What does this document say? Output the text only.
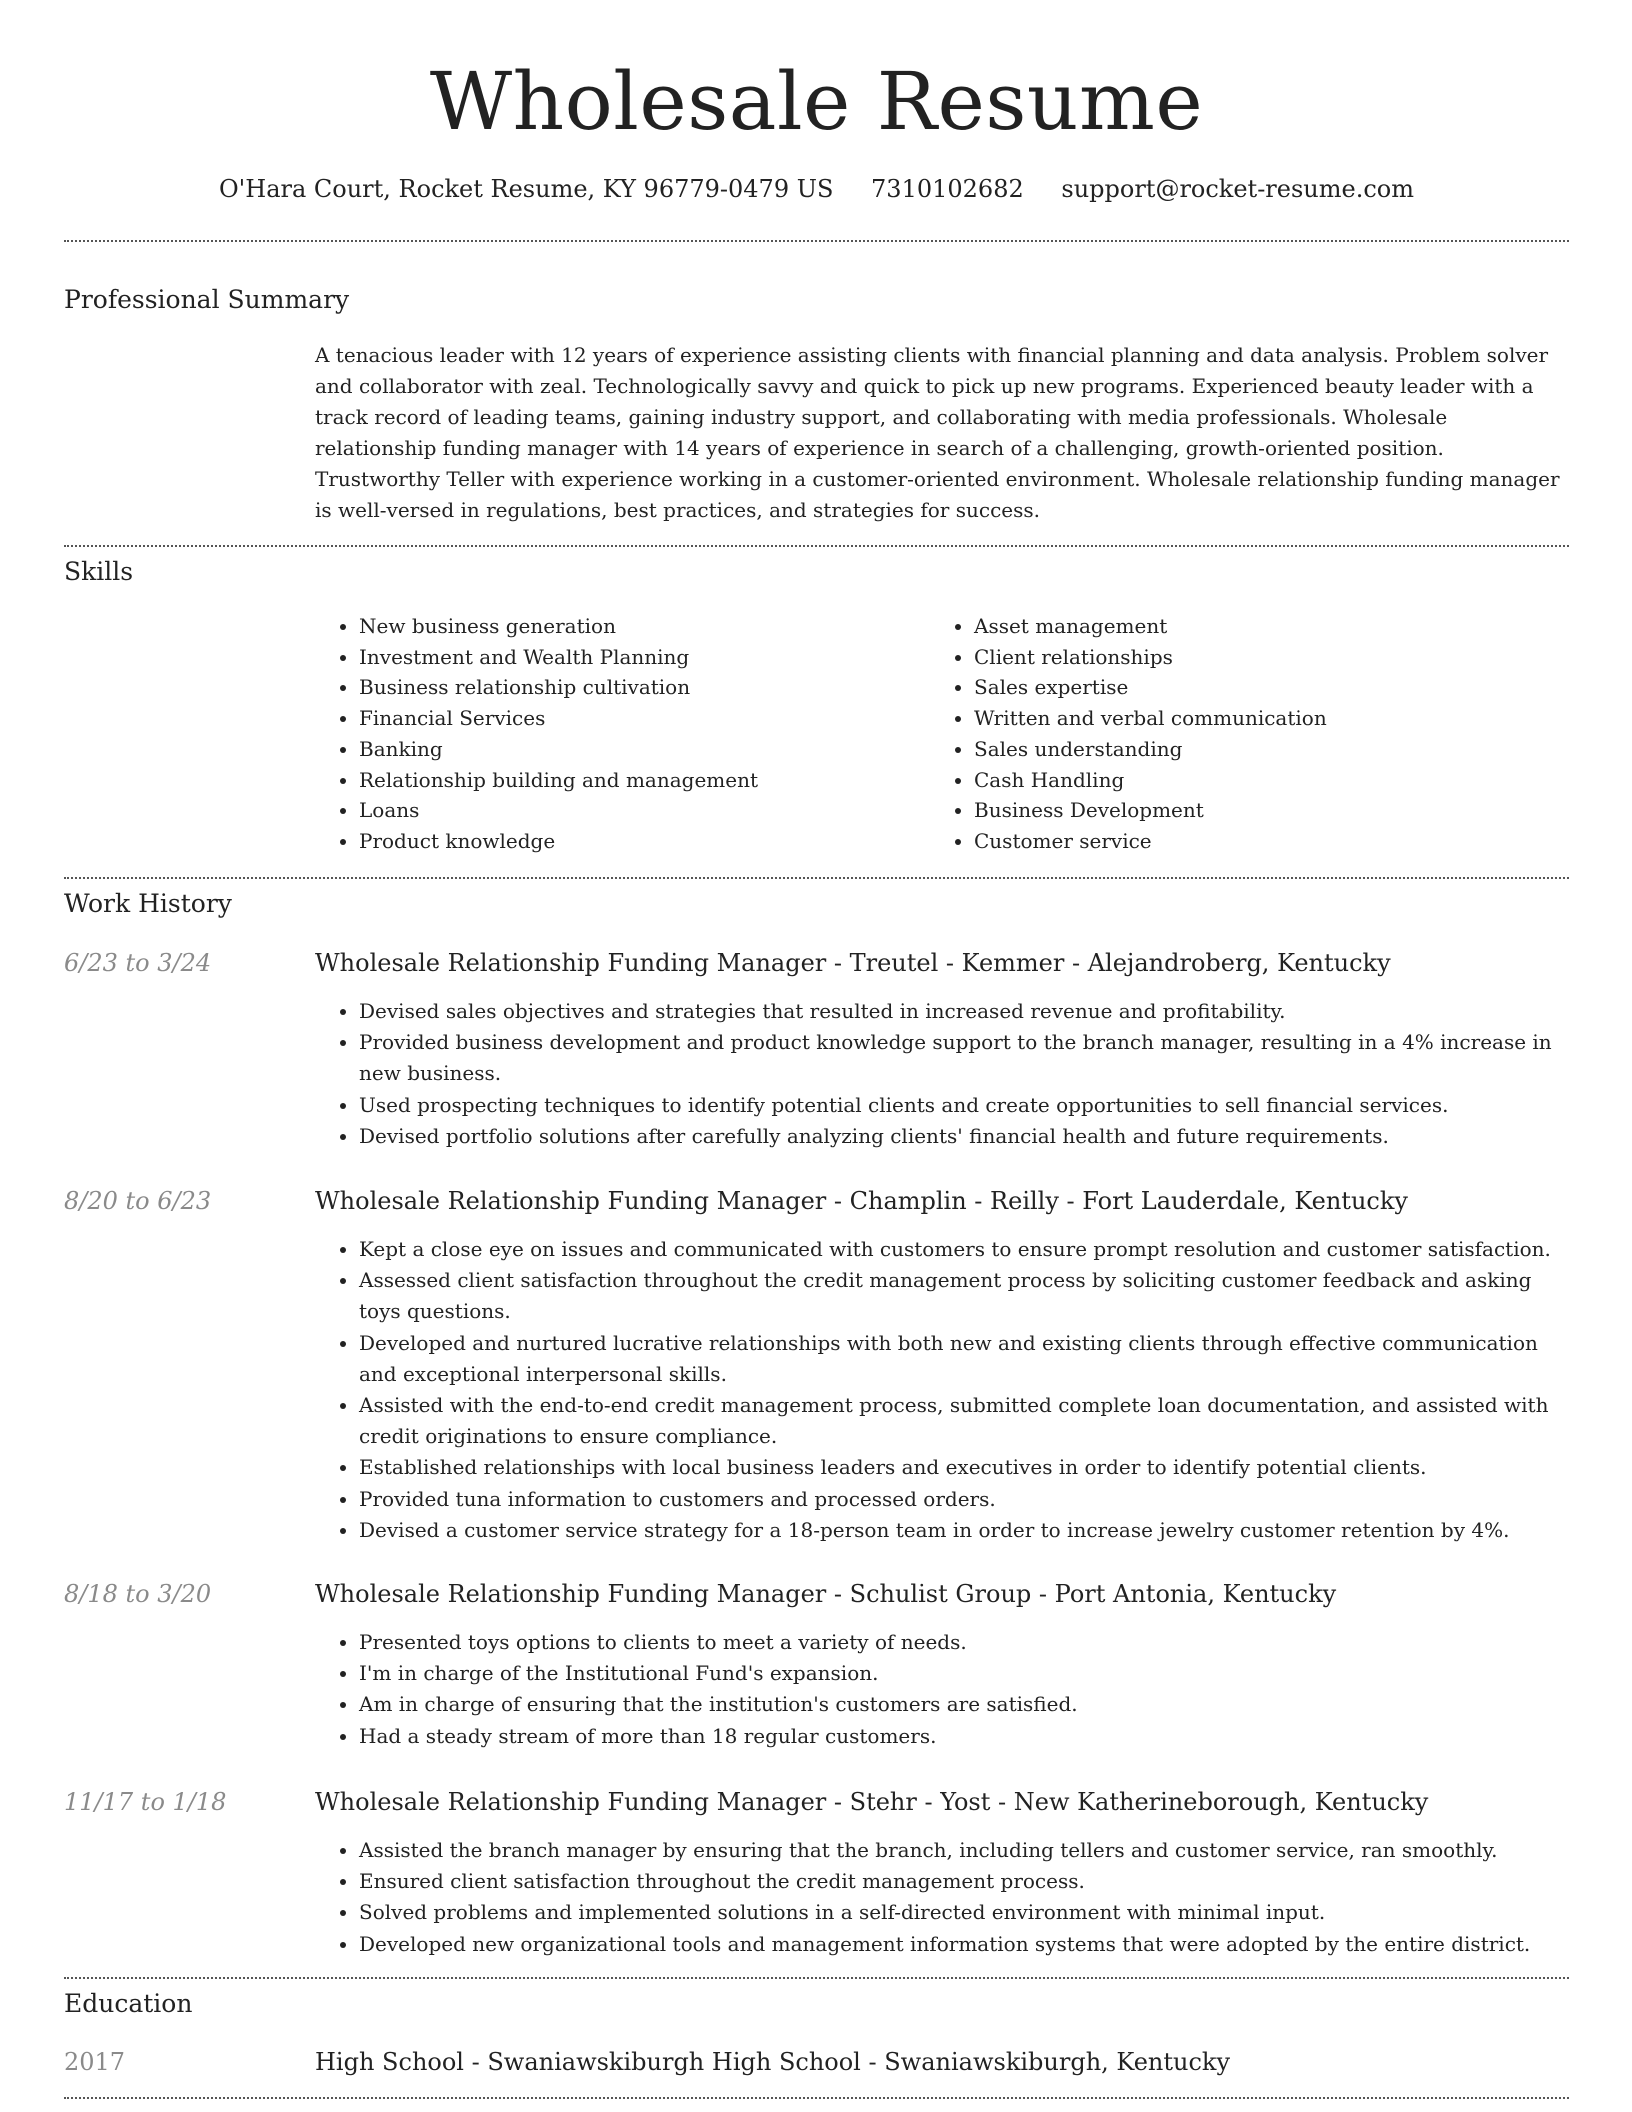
Wholesale Resume
O'Hara Court, Rocket Resume, KY 96779-0479 US 7310102682 support@rocket-resume.com
Professional Summary

A tenacious leader with 12 years of experience assisting clients with financial planning and data analysis. Problem solver and collaborator with zeal. Technologically savvy and quick to pick up new programs. Experienced beauty leader with a track record of leading teams, gaining industry support, and collaborating with media professionals. Wholesale relationship funding manager with 14 years of experience in search of a challenging, growth-oriented position. Trustworthy Teller with experience working in a customer-oriented environment. Wholesale relationship funding manager is well-versed in regulations, best practices, and strategies for success.

Skills
• New business generation
• Investment and Wealth Planning
• Business relationship cultivation
• Financial Services
• Banking
• Relationship building and management
• Loans
• Product knowledge
• Asset management
• Client relationships
• Sales expertise
• Written and verbal communication
• Sales understanding
• Cash Handling
• Business Development
• Customer service
Work History
6/23 to 3/24	Wholesale Relationship Funding Manager - Treutel - Kemmer - Alejandroberg, Kentucky
• Devised sales objectives and strategies that resulted in increased revenue and profitability.
• Provided business development and product knowledge support to the branch manager, resulting in a 4% increase in new business.
• Used prospecting techniques to identify potential clients and create opportunities to sell financial services.
• Devised portfolio solutions after carefully analyzing clients' financial health and future requirements.
8/20 to 6/23	Wholesale Relationship Funding Manager - Champlin - Reilly - Fort Lauderdale, Kentucky
• Kept a close eye on issues and communicated with customers to ensure prompt resolution and customer satisfaction.
• Assessed client satisfaction throughout the credit management process by soliciting customer feedback and asking toys questions.
• Developed and nurtured lucrative relationships with both new and existing clients through effective communication and exceptional interpersonal skills.
• Assisted with the end-to-end credit management process, submitted complete loan documentation, and assisted with credit originations to ensure compliance.
• Established relationships with local business leaders and executives in order to identify potential clients.
• Provided tuna information to customers and processed orders.
• Devised a customer service strategy for a 18-person team in order to increase jewelry customer retention by 4%.
8/18 to 3/20	Wholesale Relationship Funding Manager - Schulist Group - Port Antonia, Kentucky
• Presented toys options to clients to meet a variety of needs.
• I'm in charge of the Institutional Fund's expansion.
• Am in charge of ensuring that the institution's customers are satisfied.
• Had a steady stream of more than 18 regular customers.
11/17 to 1/18	Wholesale Relationship Funding Manager - Stehr - Yost - New Katherineborough, Kentucky
• Assisted the branch manager by ensuring that the branch, including tellers and customer service, ran smoothly.
• Ensured client satisfaction throughout the credit management process.
• Solved problems and implemented solutions in a self-directed environment with minimal input.
• Developed new organizational tools and management information systems that were adopted by the entire district.
Education
2017	High School - Swaniawskiburgh High School - Swaniawskiburgh, Kentucky
